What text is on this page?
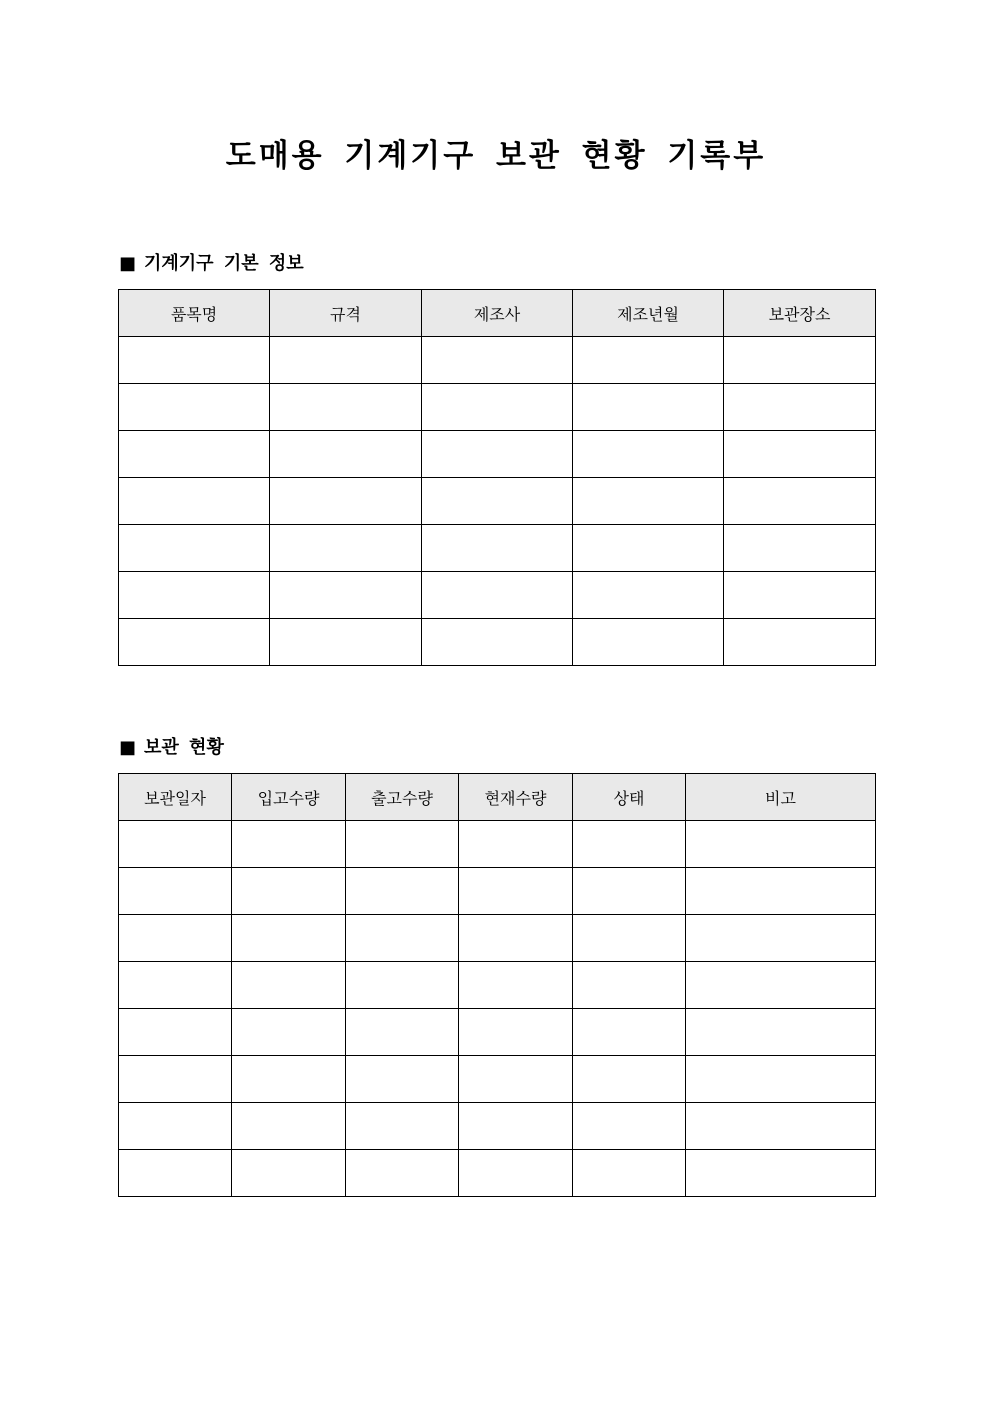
도매용 기계기구 보관 현황 기록부
■ 기계기구 기본 정보
품목명	규격	제조사	제조년월	보관장소

■ 보관 현황
보관일자	입고수량	출고수량	현재수량	상태	비고
